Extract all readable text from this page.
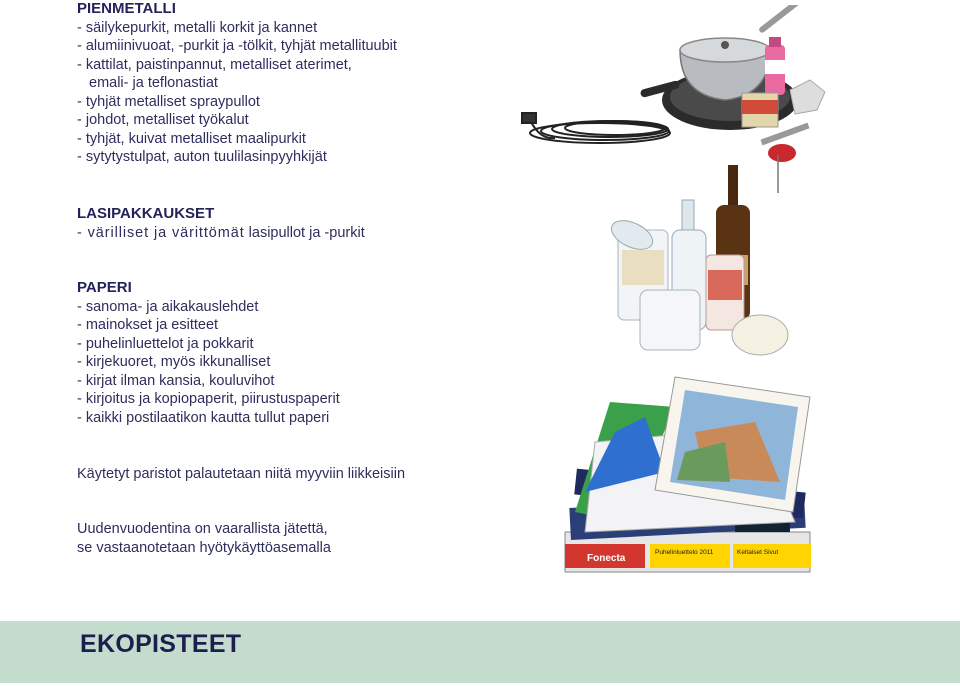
PIENMETALLI
- säilykepurkit, metalli korkit ja kannet
- alumiinivuoat, -purkit ja -tölkit, tyhjät metallituubit
- kattilat, paistinpannut, metalliset aterimet,
emali- ja teflonastiat
- tyhjät metalliset spraypullot
- johdot, metalliset työkalut
- tyhjät, kuivat metalliset maalipurkit
- sytytystulpat, auton tuulilasinpyyhkijät
LASIPAKKAUKSET
- värilliset ja värittömät lasipullot ja -purkit
PAPERI
- sanoma- ja aikakauslehdet
- mainokset ja esitteet
- puhelinluettelot ja pokkarit
- kirjekuoret, myös ikkunalliset
- kirjat ilman kansia, kouluvihot
- kirjoitus ja kopiopaperit, piirustuspaperit
- kaikki postilaatikon kautta tullut paperi
Käytetyt paristot palautetaan niitä myyviin liikkeisiin
Uudenvuodentina on vaarallista jätettä,
se vastaanotetaan hyötykäyttöasemalla
Fonecta
Puhelinluettelo 2011	Keltaiset Sivut
EKOPISTEET
